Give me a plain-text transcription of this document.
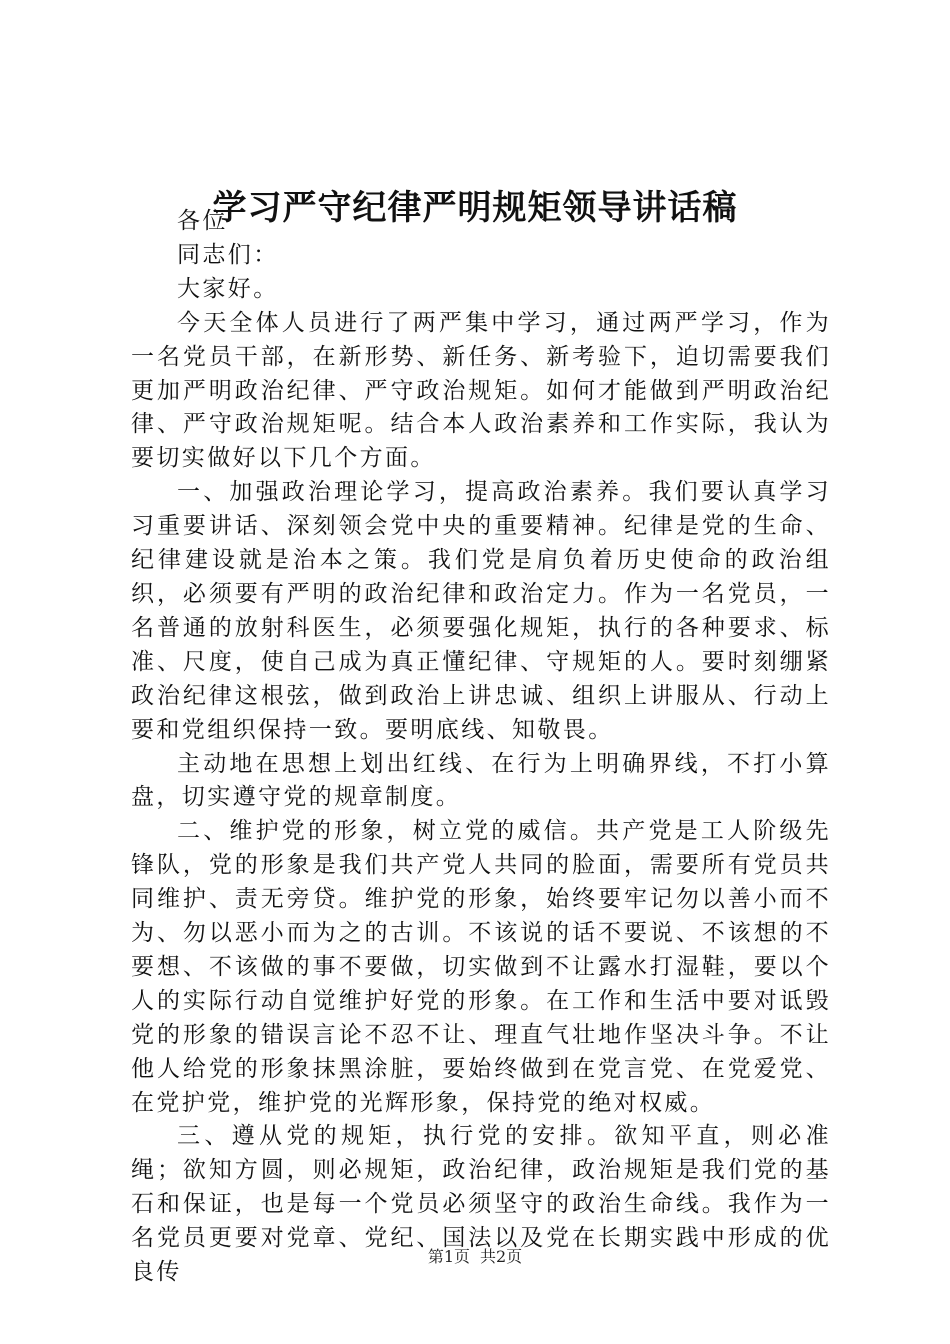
学习严守纪律严明规矩领导讲话稿

各位

同志们：

大家好。

今天全体人员进行了两严集中学习，通过两严学习，作为一名党员干部，在新形势、新任务、新考验下，迫切需要我们更加严明政治纪律、严守政治规矩。如何才能做到严明政治纪律、严守政治规矩呢。结合本人政治素养和工作实际，我认为要切实做好以下几个方面。

一、加强政治理论学习，提高政治素养。我们要认真学习习重要讲话、深刻领会党中央的重要精神。纪律是党的生命、纪律建设就是治本之策。我们党是肩负着历史使命的政治组织，必须要有严明的政治纪律和政治定力。作为一名党员，一名普通的放射科医生，必须要强化规矩，执行的各种要求、标准、尺度，使自己成为真正懂纪律、守规矩的人。要时刻绷紧政治纪律这根弦，做到政治上讲忠诚、组织上讲服从、行动上要和党组织保持一致。要明底线、知敬畏。

主动地在思想上划出红线、在行为上明确界线，不打小算盘，切实遵守党的规章制度。

二、维护党的形象，树立党的威信。共产党是工人阶级先锋队，党的形象是我们共产党人共同的脸面，需要所有党员共同维护、责无旁贷。维护党的形象，始终要牢记勿以善小而不为、勿以恶小而为之的古训。不该说的话不要说、不该想的不要想、不该做的事不要做，切实做到不让露水打湿鞋，要以个人的实际行动自觉维护好党的形象。在工作和生活中要对诋毁党的形象的错误言论不忍不让、理直气壮地作坚决斗争。不让他人给党的形象抹黑涂脏，要始终做到在党言党、在党爱党、在党护党，维护党的光辉形象，保持党的绝对权威。

三、遵从党的规矩，执行党的安排。欲知平直，则必准绳；欲知方圆，则必规矩，政治纪律，政治规矩是我们党的基石和保证，也是每一个党员必须坚守的政治生命线。我作为一名党员更要对党章、党纪、国法以及党在长期实践中形成的优良传

第1页 共2页
